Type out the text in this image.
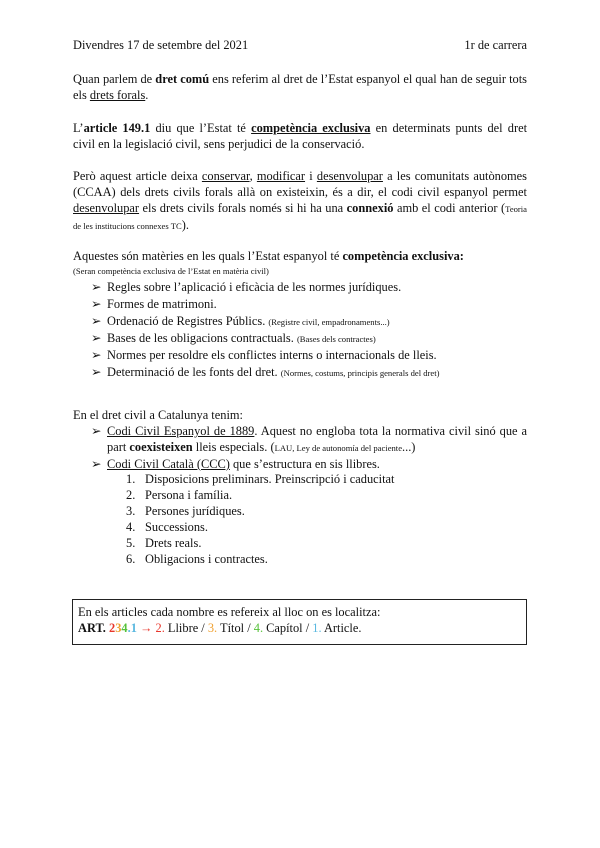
Divendres 17 de setembre del 2021	1r de carrera
Quan parlem de dret comú ens referim al dret de l’Estat espanyol el qual han de seguir tots els drets forals.
L’article 149.1 diu que l’Estat té competència exclusiva en determinats punts del dret civil en la legislació civil, sens perjudici de la conservació.
Però aquest article deixa conservar, modificar i desenvolupar a les comunitats autònomes (CCAA) dels drets civils forals allà on existeixin, és a dir, el codi civil espanyol permet desenvolupar els drets civils forals només si hi ha una connexió amb el codi anterior (Teoria de les institucions connexes TC).
Aquestes són matèries en les quals l’Estat espanyol té competència exclusiva:
(Seran competència exclusiva de l’Estat en matèria civil)
➢ Regles sobre l’aplicació i eficàcia de les normes jurídiques.
➢ Formes de matrimoni.
➢ Ordenació de Registres Públics. (Registre civil, empadronaments...)
➢ Bases de les obligacions contractuals. (Bases dels contractes)
➢ Normes per resoldre els conflictes interns o internacionals de lleis.
➢ Determinació de les fonts del dret. (Normes, costums, principis generals del dret)
En el dret civil a Catalunya tenim:
➢ Codi Civil Espanyol de 1889. Aquest no engloba tota la normativa civil sinó que a part coexisteixen lleis especials. (LAU, Ley de autonomía del paciente...)
➢ Codi Civil Català (CCC) que s’estructura en sis llibres.
1. Disposicions preliminars. Preinscripció i caducitat
2. Persona i família.
3. Persones jurídiques.
4. Successions.
5. Drets reals.
6. Obligacions i contractes.
En els articles cada nombre es refereix al lloc on es localitza:
ART. 234.1 → 2. Llibre / 3. Títol / 4. Capítol / 1. Article.
